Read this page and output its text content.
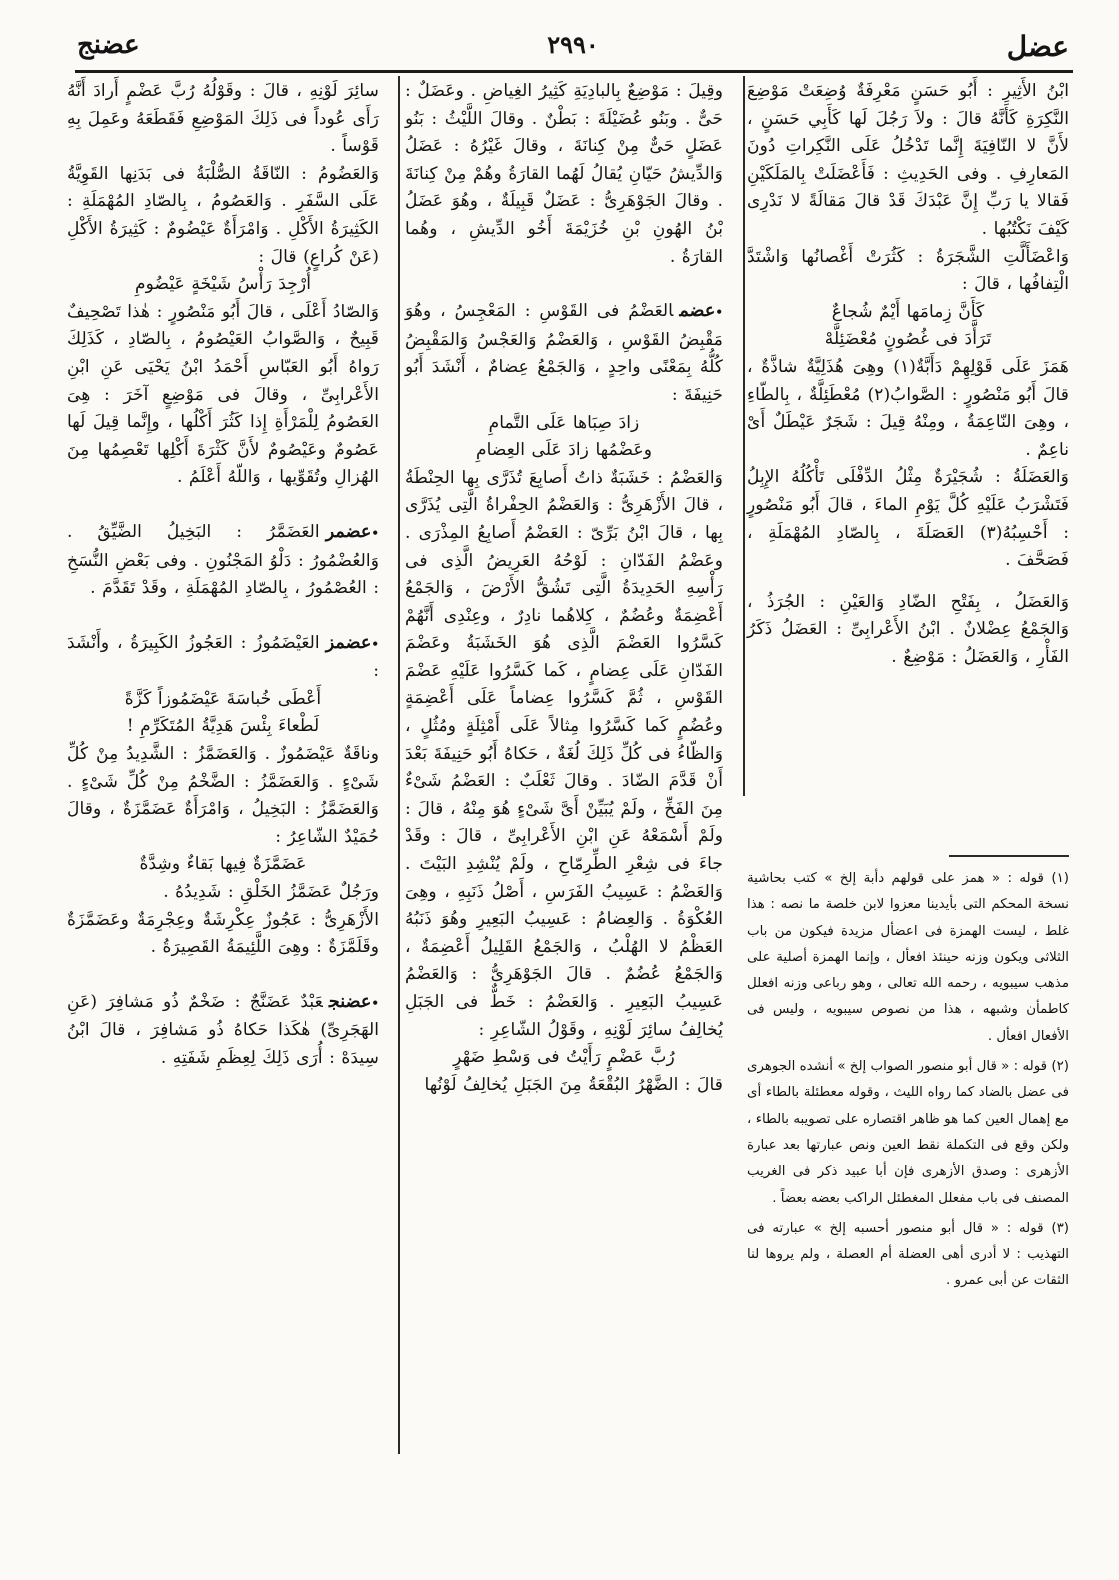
عضل
٢٩٩٠
عضنج

ابْنُ الأَثِيرِ : أَبُو حَسَنٍ مَعْرِفَةٌ وُضِعَتْ مَوْضِعَ النَّكِرَةِ كَأَنَّهُ قالَ : ولاَ رَجُلَ لَها كَأَبِي حَسَنٍ ، لأَنَّ لا النّافِيَةَ إِنَّما تَدْخُلُ عَلَى النَّكِراتِ دُونَ المَعارِفِ . وفى الحَدِيثِ : فَأَعْضَلَتْ بِالمَلَكَيْنِ فَقالا يا رَبِّ إِنَّ عَبْدَكَ قَدْ قالَ مَقالَةً لا نَدْرِى كَيْفَ نَكْتُبُها .

وَاعْضَأَلَّتِ الشَّجَرَةُ : كَثُرَتْ أَغْصانُها وَاشْتَدَّ الْتِفافُها ، قالَ :

كَأَنَّ زِمامَها أَيْمٌ شُجاعٌ

تَرَأَّدَ فى غُصُونٍ مُعْضَئِلَّهْ

هَمَزَ عَلَى قَوْلِهِمْ دَأَبَّةٌ(١) وهِىَ هُذَلِيَّةٌ شاذَّةٌ ، قالَ أَبُو مَنْصُورٍ : الصَّوابُ(٢) مُعْطَئِلَّةٌ ، بِالطّاءِ ، وهِىَ النّاعِمَةُ ، ومِنْهُ قِيلَ : شَجَرٌ عَيْطَلٌ أَىْ ناعِمٌ .

وَالعَضَلَةُ : شُجَيْرَةٌ مِثْلُ الدِّفْلَى تَأْكُلُهُ الإِبِلُ فَتَشْرَبُ عَلَيْهِ كُلَّ يَوْمِ الماءَ ، قالَ أَبُو مَنْصُورٍ : أَحْسِبُهُ(٣) العَصَلَةَ ، بِالصّادِ المُهْمَلَةِ ، فَصَحَّفَ .

وَالعَضَلُ ، بِفَتْحِ الضّادِ وَالعَيْنِ : الجُرَذُ ، وَالجَمْعُ عِضْلانٌ . ابْنُ الأَعْرابِىِّ : العَضَلُ ذَكَرُ الفَأْرِ ، وَالعَضَلُ : مَوْضِعٌ .

(١) قوله : « همز على قولهم دأبة إلخ » كتب بحاشية نسخة المحكم التى بأيدينا معزوا لابن خلصة ما نصه : هذا غلط ، ليست الهمزة فى اعضأل مزيدة فيكون من باب الثلاثى ويكون وزنه حينئذ افعأل ، وإنما الهمزة أصلية على مذهب سيبويه ، رحمه الله تعالى ، وهو رباعى وزنه افعلل كاطمأن وشبهه ، هذا من نصوص سيبويه ، وليس فى الأفعال افعأل .

(٢) قوله : « قال أبو منصور الصواب إلخ » أنشده الجوهرى فى عضل بالضاد كما رواه الليث ، وقوله معطئلة بالطاء أى مع إهمال العين كما هو ظاهر اقتصاره على تصويبه بالطاء ، ولكن وقع فى التكملة نقط العين ونص عبارتها بعد عبارة الأزهرى : وصدق الأزهرى فإن أبا عبيد ذكر فى الغريب المصنف فى باب مفعلل المغطئل الراكب بعضه بعضاً .

(٣) قوله : « قال أبو منصور أحسبه إلخ » عبارته فى التهذيب : لا أدرى أهى العضلة أم العصلة ، ولم يروها لنا الثقات عن أبى عمرو .

وقِيلَ : مَوْضِعٌ بِالبادِيَةِ كَثِيرُ الغِياضِ . وعَضَلٌ : حَىٌّ . وبَنُو عُضَيْلَةَ : بَطْنٌ . وقالَ اللَّيْثُ : بَنُو عَضَلٍ حَىٌّ مِنْ كِنانَةَ ، وقالَ غَيْرُهُ : عَضَلُ وَالدِّيشُ حَيّانِ يُقالُ لَهُما القارَةُ وهُمْ مِنْ كِنانَةَ . وقالَ الجَوْهَرِىُّ : عَضَلٌ قَبِيلَةٌ ، وهُوَ عَضَلُ بْنُ الهُونِ بْنِ خُزَيْمَةَ أَخُو الدِّيشِ ، وهُما القارَةُ .

• عضمالعَضْمُ فى القَوْسِ : المَعْجِسُ ، وهُوَ مَقْبِضُ القَوْسِ ، وَالعَضْمُ وَالعَجْسُ وَالمَقْبِضُ كُلُّهُ بِمَعْنًى واحِدٍ ، وَالجَمْعُ عِضامٌ ، أَنْشَدَ أَبُو حَنِيفَةَ :

زادَ صِبَاها عَلَى التَّمامِ

وعَضْمُها زادَ عَلَى العِضامِ

وَالعَضْمُ : خَشَبَةٌ ذاتُ أَصابِعَ تُذَرَّى بِها الحِنْطَةُ ، قالَ الأَزْهَرِىُّ : وَالعَضْمُ الحِفْراةُ الَّتِى يُذَرَّى بِها ، قالَ ابْنُ بَرِّىّ : العَضْمُ أَصابِعُ المِذْرَى . وعَضْمُ الفَدّانِ : لَوْحُهُ العَرِيضُ الَّذِى فى رَأْسِهِ الحَدِيدَةُ الَّتِى تَشُقُّ الأَرْضَ ، وَالجَمْعُ أَعْضِمَةٌ وعُضُمٌ ، كِلاهُما نادِرٌ ، وعِنْدِى أَنَّهُمْ كَسَّرُوا العَضْمَ الَّذِى هُوَ الخَشَبَةُ وعَضْمَ الفَدّانِ عَلَى عِضامٍ ، كَما كَسَّرُوا عَلَيْهِ عَضْمَ القَوْسِ ، ثُمَّ كَسَّرُوا عِضاماً عَلَى أَعْضِمَةٍ وعُضُمٍ كَما كَسَّرُوا مِثالاً عَلَى أَمْثِلَةٍ ومُثُلٍ ، وَالظّاءُ فى كُلِّ ذَلِكَ لُغَةٌ ، حَكاهُ أَبُو حَنِيفَةَ بَعْدَ أَنْ قَدَّمَ الضّادَ . وقالَ ثَعْلَبٌ : العَضْمُ شَىْءٌ مِنَ الفَخِّ ، ولَمْ يُبَيِّنْ أَىَّ شَىْءٍ هُوَ مِنْهُ ، قالَ : ولَمْ أَسْمَعْهُ عَنِ ابْنِ الأَعْرابِىِّ ، قالَ : وقَدْ جاءَ فى شِعْرِ الطِّرِمّاحِ ، ولَمْ يُنْشِدِ البَيْتَ . وَالعَضْمُ : عَسِيبُ الفَرَسِ ، أَصْلُ ذَنَبِهِ ، وهِىَ العُكْوَةُ . وَالعِضامُ : عَسِيبُ البَعِيرِ وهُوَ ذَنَبُهُ العَظْمُ لا الهُلْبُ ، وَالجَمْعُ القَلِيلُ أَعْضِمَةٌ ، وَالجَمْعُ عُضُمٌ . قالَ الجَوْهَرِىُّ : وَالعَضْمُ عَسِيبُ البَعِيرِ . وَالعَضْمُ : خَطٌّ فى الجَبَلِ يُخالِفُ سائِرَ لَوْنِهِ ، وقَوْلُ الشّاعِرِ :

رُبَّ عَضْمٍ رَأَيْتُ فى وَسْطِ ضَهْرٍ

قالَ : الضَّهْرُ البُقْعَةُ مِنَ الجَبَلِ يُخالِفُ لَوْنُها

سائِرَ لَوْنِهِ ، قالَ : وقَوْلُهُ رُبَّ عَضْمٍ أَرادَ أَنَّهُ رَأَى عُوداً فى ذَلِكَ المَوْضِعِ فَقَطَعَهُ وعَمِلَ بِهِ قَوْساً .

وَالعَضُومُ : النّاقَةُ الصُّلْبَةُ فى بَدَنِها القَوِيَّةُ عَلَى السَّفَرِ . وَالعَصُومُ ، بِالصّادِ المُهْمَلَةِ : الكَثِيرَةُ الأَكْلِ . وَامْرَأَةٌ عَيْضُومٌ : كَثِيرَةُ الأَكْلِ (عَنْ كُراعٍ) قالَ :

أُرْجِدَ رَأْسُ شَيْخَةٍ عَيْضُومِ

وَالصّادُ أَعْلَى ، قالَ أَبُو مَنْصُورٍ : هٰذا تَصْحِيفٌ قَبِيحٌ ، وَالصَّوابُ العَيْصُومُ ، بِالصّادِ ، كَذَلِكَ رَواهُ أَبُو العَبّاسِ أَحْمَدُ ابْنُ يَحْيَى عَنِ ابْنِ الأَعْرابِىِّ ، وقالَ فى مَوْضِعٍ آخَرَ : هِىَ العَصُومُ لِلْمَرْأَةِ إِذا كَثُرَ أَكْلُها ، وإِنَّما قِيلَ لَها عَصُومٌ وعَيْصُومٌ لأَنَّ كَثْرَةَ أَكْلِها تَعْصِمُها مِنَ الهُزالِ وتُقَوِّيها ، وَاللّهُ أَعْلَمُ .

• عضمرالعَضَمَّرُ : البَخِيلُ الضَّيِّقُ . وَالعُضْمُورُ : دَلْوُ المَجْنُونِ . وفى بَعْضِ النُّسَخِ : العُصْمُورُ ، بِالصّادِ المُهْمَلَةِ ، وقَدْ تَقَدَّمَ .

• عضمزالعَيْضَمُوزُ : العَجُوزُ الكَبِيرَةُ ، وأَنْشَدَ :

أَعْطَى خُباسَةَ عَيْضَمُوزاً كَزَّةً

لَطْعاءَ بِئْسَ هَدِيَّةُ المُتَكَرِّمِ !

وناقَةٌ عَيْضَمُوزٌ . وَالعَضَمَّزُ : الشَّدِيدُ مِنْ كُلِّ شَىْءٍ . وَالعَضَمَّزُ : الضَّخْمُ مِنْ كُلِّ شَىْءٍ . وَالعَضَمَّزُ : البَخِيلُ ، وَامْرَأَةٌ عَضَمَّزَةٌ ، وقالَ حُمَيْدٌ الشّاعِرُ :

عَضَمَّزَةٌ فِيها بَقاءٌ وشِدَّةٌ

ورَجُلٌ عَضَمَّزُ الخَلْقِ : شَدِيدُهُ .

الأَزْهَرِىُّ : عَجُوزٌ عِكْرِشَةٌ وعِجْرِمَةٌ وعَضَمَّزَةٌ وقَلَمَّزَةٌ : وهِىَ اللَّئِيمَةُ القَصِيرَةُ .

• عضنجعَبْدٌ عَضَنَّجٌ : ضَخْمٌ ذُو مَشافِرَ (عَنِ الهَجَرِىِّ) هٰكَذا حَكاهُ ذُو مَشافِرَ ، قالَ ابْنُ سِيدَهْ : أُرَى ذَلِكَ لِعِظَمِ شَفَتِهِ .
